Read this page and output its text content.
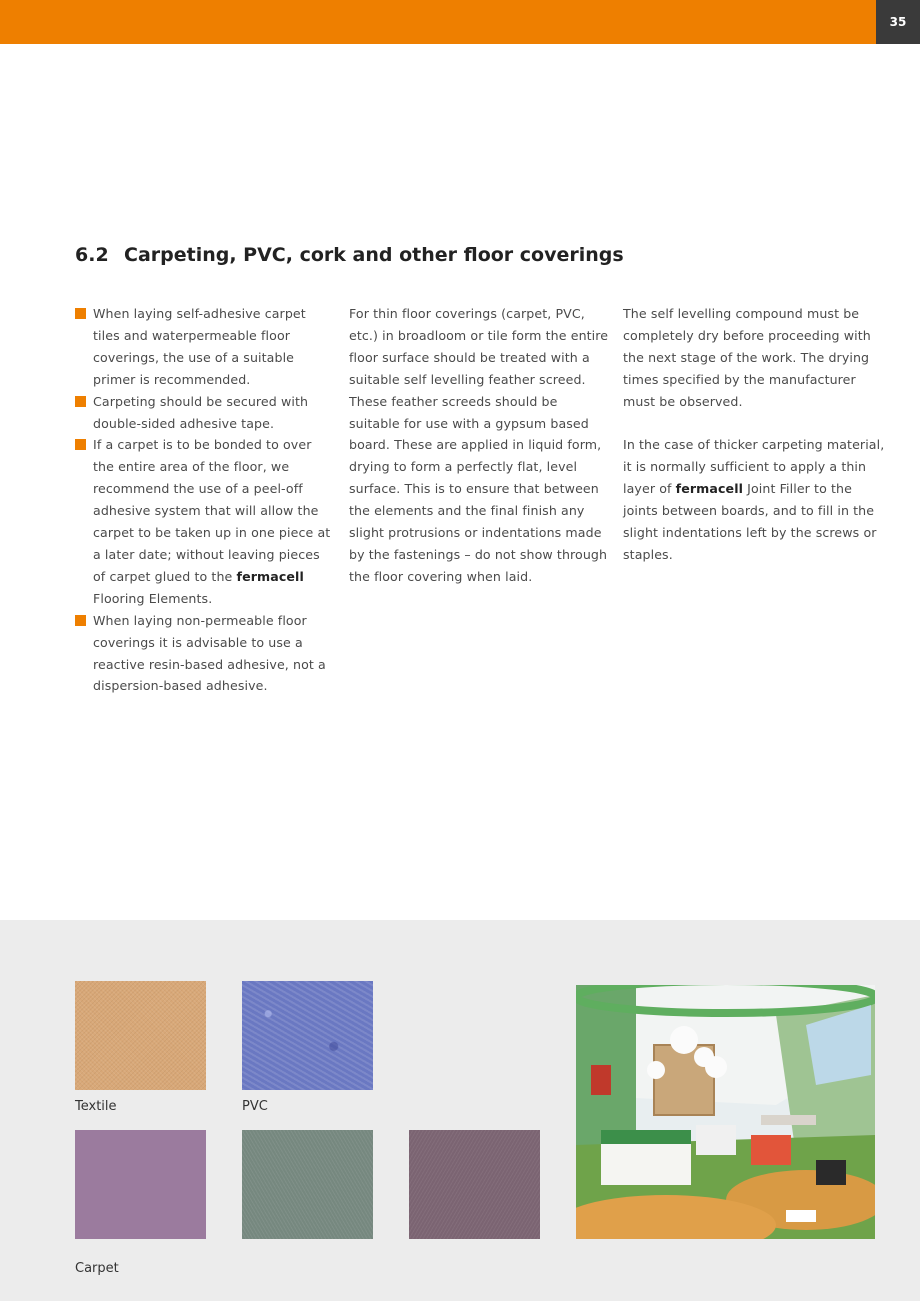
35
6.2 Carpeting, PVC, cork and other floor coverings
When laying self-adhesive carpet tiles and waterpermeable floor coverings, the use of a suitable primer is recommended.
Carpeting should be secured with double-sided adhesive tape.
If a carpet is to be bonded to over the entire area of the floor, we recommend the use of a peel-off adhesive system that will allow the carpet to be taken up in one piece at a later date; without leaving pieces of carpet glued to the fermacell Flooring Elements.
When laying non-permeable floor coverings it is advisable to use a reactive resin-based adhesive, not a dispersion-based adhesive.

For thin floor coverings (carpet, PVC, etc.) in broadloom or tile form the entire floor surface should be treated with a suitable self levelling feather screed. These feather screeds should be suitable for use with a gypsum based board. These are applied in liquid form, drying to form a perfectly flat, level surface. This is to ensure that between the elements and the final finish any slight protrusions or indentations made by the fastenings – do not show through the floor covering when laid.

The self levelling compound must be completely dry before proceeding with the next stage of the work. The drying times specified by the manufacturer must be observed.

In the case of thicker carpeting material, it is normally sufficient to apply a thin layer of fermacell Joint Filler to the joints between boards, and to fill in the slight indentations left by the screws or staples.

Textile	PVC
Carpet
